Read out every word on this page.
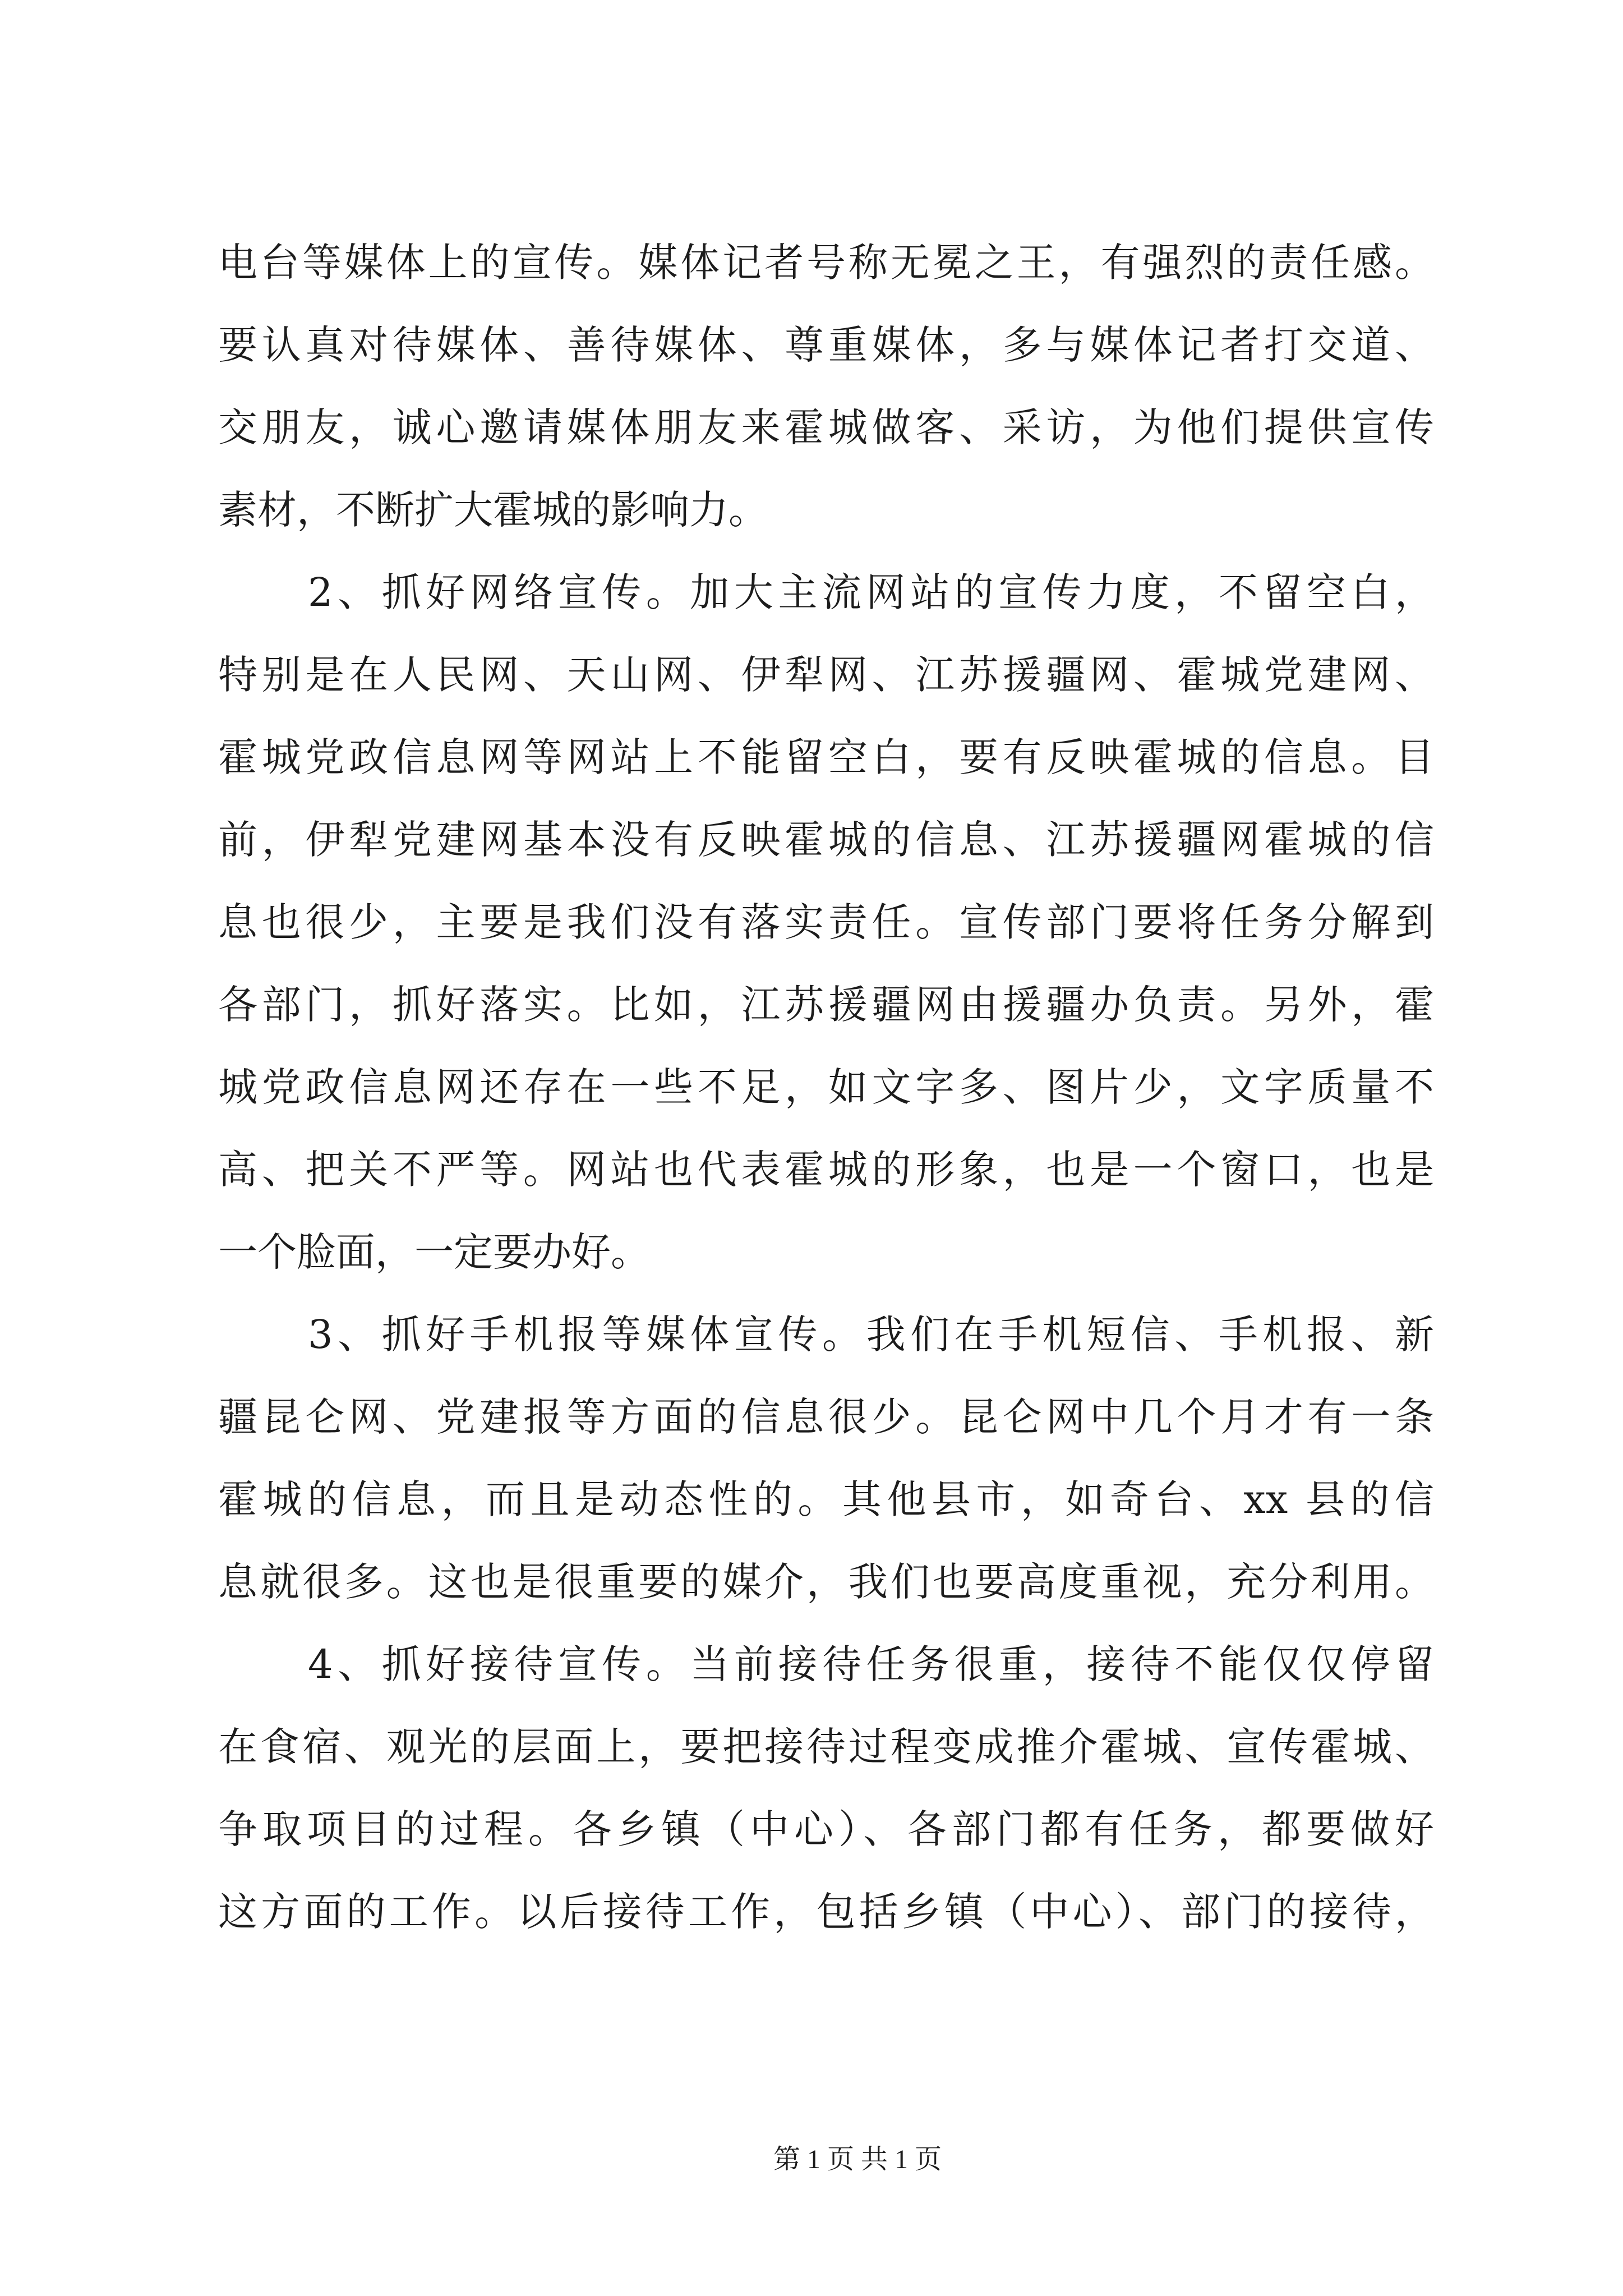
电台等媒体上的宣传。媒体记者号称无冕之王，有强烈的责任感。
要认真对待媒体、善待媒体、尊重媒体，多与媒体记者打交道、
交朋友，诚心邀请媒体朋友来霍城做客、采访，为他们提供宣传
素材，不断扩大霍城的影响力。
2、抓好网络宣传。加大主流网站的宣传力度，不留空白，
特别是在人民网、天山网、伊犁网、江苏援疆网、霍城党建网、
霍城党政信息网等网站上不能留空白，要有反映霍城的信息。目
前，伊犁党建网基本没有反映霍城的信息、江苏援疆网霍城的信
息也很少，主要是我们没有落实责任。宣传部门要将任务分解到
各部门，抓好落实。比如，江苏援疆网由援疆办负责。另外，霍
城党政信息网还存在一些不足，如文字多、图片少，文字质量不
高、把关不严等。网站也代表霍城的形象，也是一个窗口，也是
一个脸面，一定要办好。
3、抓好手机报等媒体宣传。我们在手机短信、手机报、新
疆昆仑网、党建报等方面的信息很少。昆仑网中几个月才有一条
霍城的信息，而且是动态性的。其他县市，如奇台、xx 县的信
息就很多。这也是很重要的媒介，我们也要高度重视，充分利用。
4、抓好接待宣传。当前接待任务很重，接待不能仅仅停留
在食宿、观光的层面上，要把接待过程变成推介霍城、宣传霍城、
争取项目的过程。各乡镇（中心）、各部门都有任务，都要做好
这方面的工作。以后接待工作，包括乡镇（中心）、部门的接待，
第 1 页 共 1 页
